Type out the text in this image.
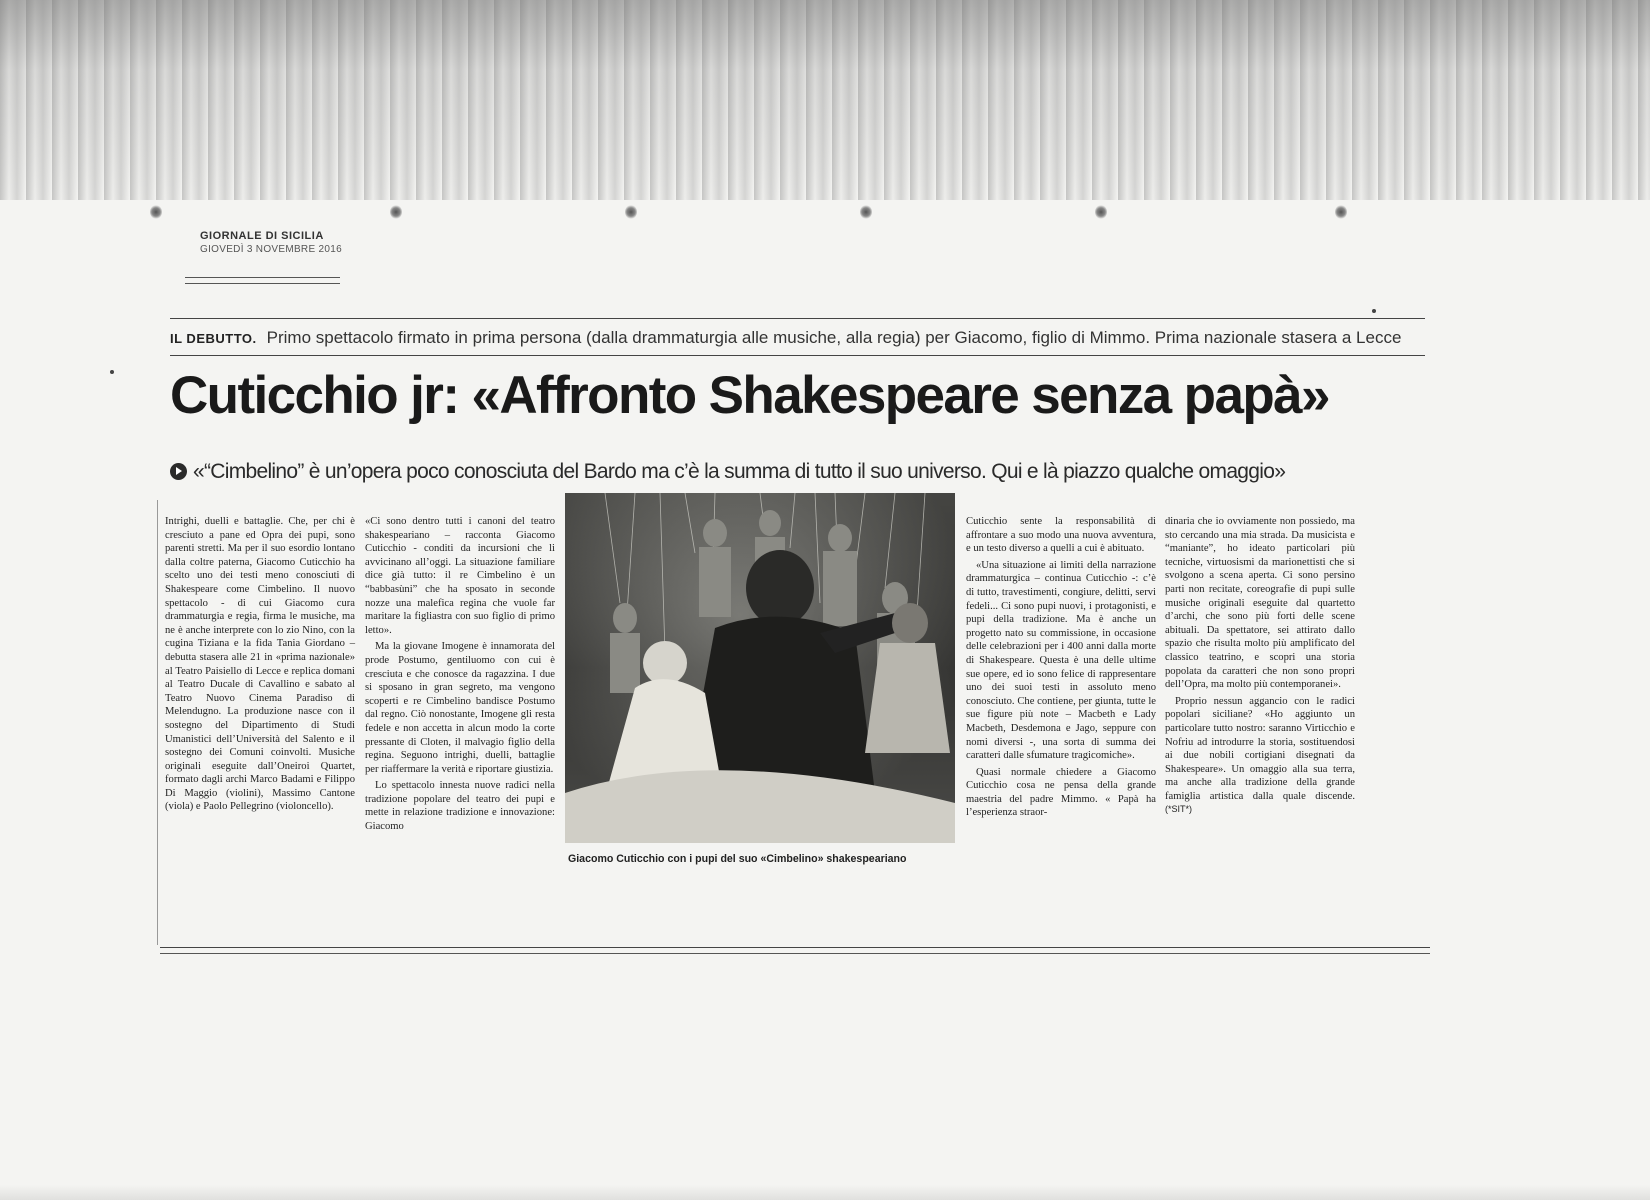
GIORNALE DI SICILIA
GIOVEDÌ 3 NOVEMBRE 2016
IL DEBUTTO. Primo spettacolo firmato in prima persona (dalla drammaturgia alle musiche, alla regia) per Giacomo, figlio di Mimmo. Prima nazionale stasera a Lecce
Cuticchio jr: «Affronto Shakespeare senza papà»
«“Cimbelino” è un’opera poco conosciuta del Bardo ma c’è la summa di tutto il suo universo. Qui e là piazzo qualche omaggio»

Intrighi, duelli e battaglie. Che, per chi è cresciuto a pane ed Opra dei pupi, sono parenti stretti. Ma per il suo esordio lontano dalla coltre paterna, Giacomo Cuticchio ha scelto uno dei testi meno conosciuti di Shakespeare come Cimbelino. Il nuovo spettacolo - di cui Giacomo cura drammaturgia e regia, firma le musiche, ma ne è anche interprete con lo zio Nino, con la cugina Tiziana e la fida Tania Giordano – debutta stasera alle 21 in «prima nazionale» al Teatro Paisiello di Lecce e replica domani al Teatro Ducale di Cavallino e sabato al Teatro Nuovo Cinema Paradiso di Melendugno. La produzione nasce con il sostegno del Dipartimento di Studi Umanistici dell’Università del Salento e il sostegno dei Comuni coinvolti. Musiche originali eseguite dall’Oneiroi Quartet, formato dagli archi Marco Badami e Filippo Di Maggio (violini), Massimo Cantone (viola) e Paolo Pellegrino (violoncello).

«Ci sono dentro tutti i canoni del teatro shakespeariano – racconta Giacomo Cuticchio - conditi da incursioni che li avvicinano all’oggi. La situazione familiare dice già tutto: il re Cimbelino è un “babbasùni” che ha sposato in seconde nozze una malefica regina che vuole far maritare la figliastra con suo figlio di primo letto».

Ma la giovane Imogene è innamorata del prode Postumo, gentiluomo con cui è cresciuta e che conosce da ragazzina. I due si sposano in gran segreto, ma vengono scoperti e re Cimbelino bandisce Postumo dal regno. Ciò nonostante, Imogene gli resta fedele e non accetta in alcun modo la corte pressante di Cloten, il malvagio figlio della regina. Seguono intrighi, duelli, battaglie per riaffermare la verità e riportare giustizia.

Lo spettacolo innesta nuove radici nella tradizione popolare del teatro dei pupi e mette in relazione tradizione e innovazione: Giacomo

Giacomo Cuticchio con i pupi del suo «Cimbelino» shakespeariano

Cuticchio sente la responsabilità di affrontare a suo modo una nuova avventura, e un testo diverso a quelli a cui è abituato.

«Una situazione ai limiti della narrazione drammaturgica – continua Cuticchio -: c’è di tutto, travestimenti, congiure, delitti, servi fedeli... Ci sono pupi nuovi, i protagonisti, e pupi della tradizione. Ma è anche un progetto nato su commissione, in occasione delle celebrazioni per i 400 anni dalla morte di Shakespeare. Questa è una delle ultime sue opere, ed io sono felice di rappresentare uno dei suoi testi in assoluto meno conosciuto. Che contiene, per giunta, tutte le sue figure più note – Macbeth e Lady Macbeth, Desdemona e Jago, seppure con nomi diversi -, una sorta di summa dei caratteri dalle sfumature tragicomiche».

Quasi normale chiedere a Giacomo Cuticchio cosa ne pensa della grande maestria del padre Mimmo. « Papà ha l’esperienza straor-

dinaria che io ovviamente non possiedo, ma sto cercando una mia strada. Da musicista e “maniante”, ho ideato particolari più tecniche, virtuosismi da marionettisti che si svolgono a scena aperta. Ci sono persino parti non recitate, coreografie di pupi sulle musiche originali eseguite dal quartetto d’archi, che sono più forti delle scene abituali. Da spettatore, sei attirato dallo spazio che risulta molto più amplificato del classico teatrino, e scopri una storia popolata da caratteri che non sono propri dell’Opra, ma molto più contemporanei».

Proprio nessun aggancio con le radici popolari siciliane? «Ho aggiunto un particolare tutto nostro: saranno Virticchio e Nofriu ad introdurre la storia, sostituendosi ai due nobili cortigiani disegnati da Shakespeare». Un omaggio alla sua terra, ma anche alla tradizione della grande famiglia artistica dalla quale discende. (*SIT*)
